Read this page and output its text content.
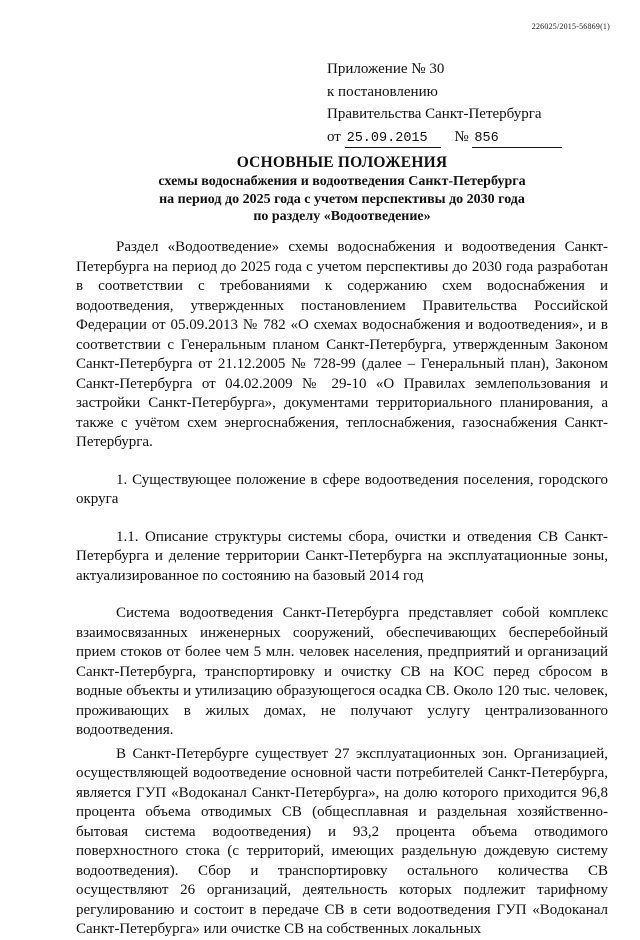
226025/2015-56869(1)
Приложение № 30
к постановлению
Правительства Санкт-Петербурга
от 25.09.2015 № 856
ОСНОВНЫЕ ПОЛОЖЕНИЯ
схемы водоснабжения и водоотведения Санкт-Петербурга
на период до 2025 года с учетом перспективы до 2030 года
по разделу «Водоотведение»

Раздел «Водоотведение» схемы водоснабжения и водоотведения Санкт-Петербурга на период до 2025 года с учетом перспективы до 2030 года разработан в соответствии с требованиями к содержанию схем водоснабжения и водоотведения, утвержденных постановлением Правительства Российской Федерации от 05.09.2013 № 782 «О схемах водоснабжения и водоотведения», и в соответствии с Генеральным планом Санкт-Петербурга, утвержденным Законом Санкт-Петербурга от 21.12.2005 № 728-99 (далее – Генеральный план), Законом Санкт-Петербурга от 04.02.2009 № 29-10 «О Правилах землепользования и застройки Санкт-Петербурга», документами территориального планирования, а также с учётом схем энергоснабжения, теплоснабжения, газоснабжения Санкт-Петербурга.

1. Существующее положение в сфере водоотведения поселения, городского округа

1.1. Описание структуры системы сбора, очистки и отведения СВ Санкт-Петербурга и деление территории Санкт-Петербурга на эксплуатационные зоны, актуализированное по состоянию на базовый 2014 год

Система водоотведения Санкт-Петербурга представляет собой комплекс взаимосвязанных инженерных сооружений, обеспечивающих бесперебойный прием стоков от более чем 5 млн. человек населения, предприятий и организаций Санкт-Петербурга, транспортировку и очистку СВ на КОС перед сбросом в водные объекты и утилизацию образующегося осадка СВ. Около 120 тыс. человек, проживающих в жилых домах, не получают услугу централизованного водоотведения.

В Санкт-Петербурге существует 27 эксплуатационных зон. Организацией, осуществляющей водоотведение основной части потребителей Санкт-Петербурга, является ГУП «Водоканал Санкт-Петербурга», на долю которого приходится 96,8 процента объема отводимых СВ (общесплавная и раздельная хозяйственно-бытовая система водоотведения) и 93,2 процента объема отводимого поверхностного стока (с территорий, имеющих раздельную дождевую систему водоотведения). Сбор и транспортировку остального количества СВ осуществляют 26 организаций, деятельность которых подлежит тарифному регулированию и состоит в передаче СВ в сети водоотведения ГУП «Водоканал Санкт-Петербурга» или очистке СВ на собственных локальных
